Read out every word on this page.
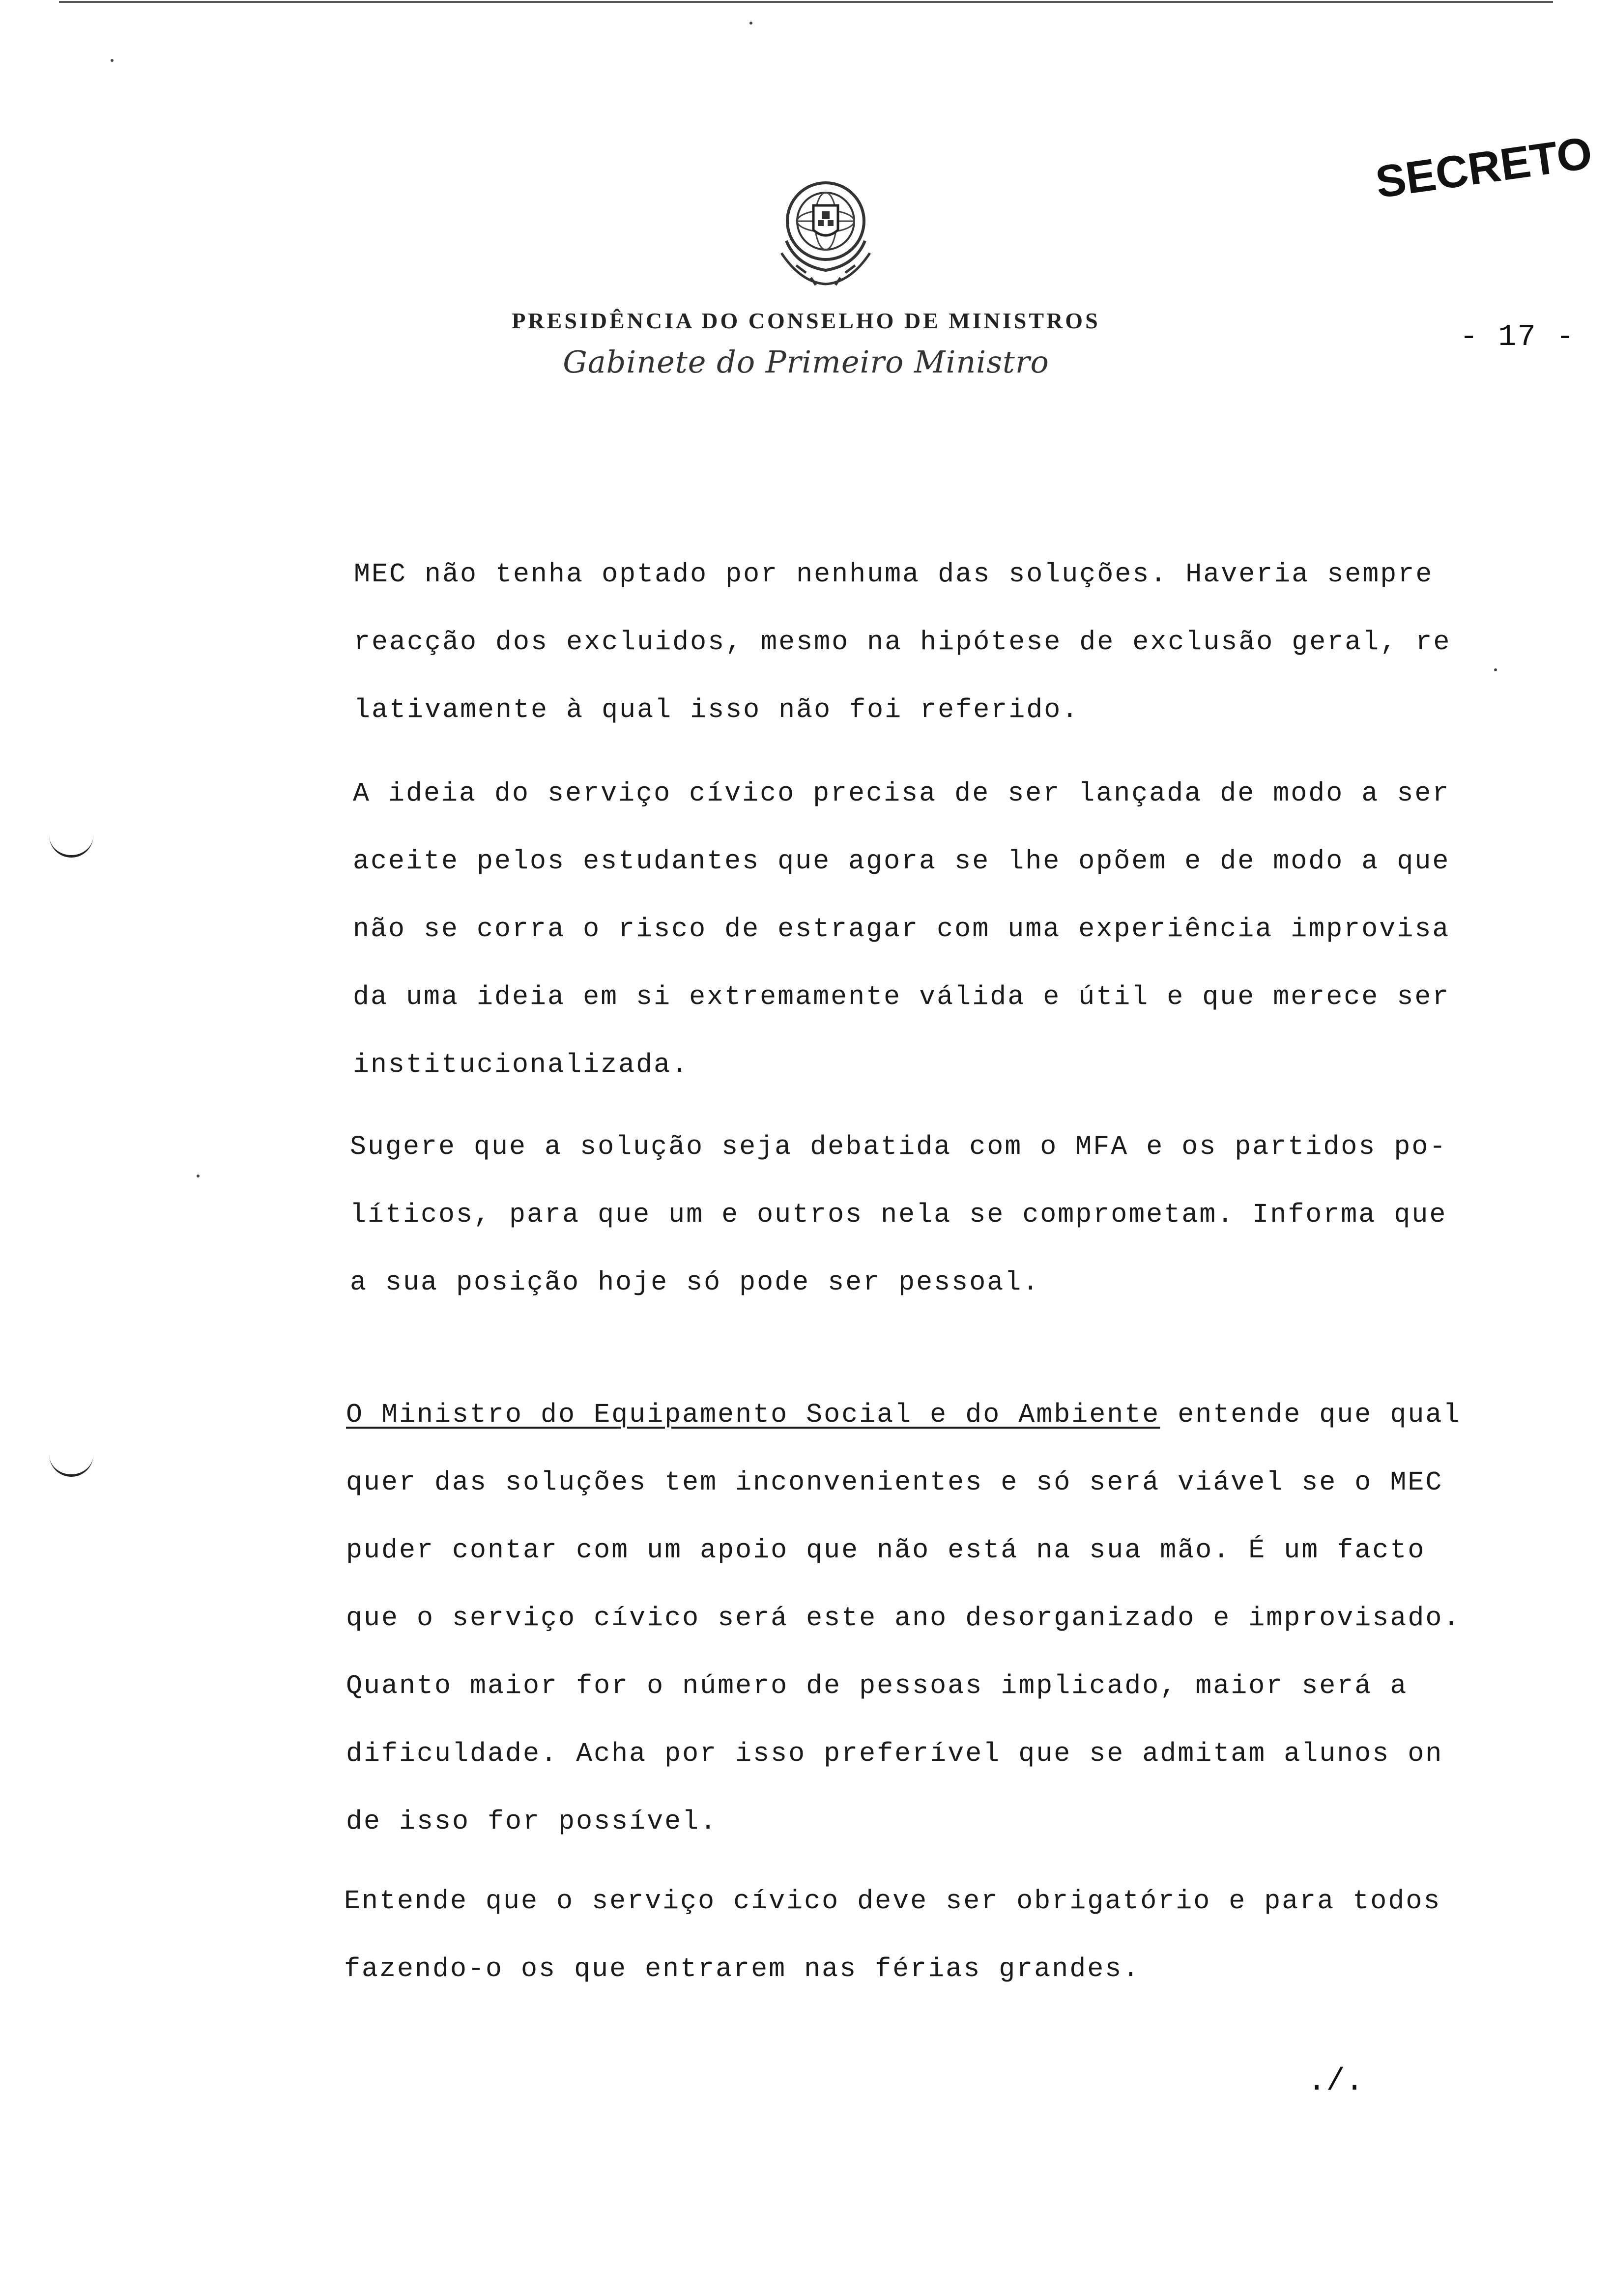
PRESIDÊNCIA DO CONSELHO DE MINISTROS
Gabinete do Primeiro Ministro
SECRETO
- 17 -
MEC não tenha optado por nenhuma das soluções. Haveria sempre
reacção dos excluidos, mesmo na hipótese de exclusão geral, re
lativamente à qual isso não foi referido.
A ideia do serviço cívico precisa de ser lançada de modo a ser
aceite pelos estudantes que agora se lhe opõem e de modo a que
não se corra o risco de estragar com uma experiência improvisa
da uma ideia em si extremamente válida e útil e que merece ser
institucionalizada.
Sugere que a solução seja debatida com o MFA e os partidos po-
líticos, para que um e outros nela se comprometam. Informa que
a sua posição hoje só pode ser pessoal.
O Ministro do Equipamento Social e do Ambiente entende que qual
quer das soluções tem inconvenientes e só será viável se o MEC
puder contar com um apoio que não está na sua mão. É um facto
que o serviço cívico será este ano desorganizado e improvisado.
Quanto maior for o número de pessoas implicado, maior será a
dificuldade. Acha por isso preferível que se admitam alunos on
de isso for possível.
Entende que o serviço cívico deve ser obrigatório e para todos
fazendo-o os que entrarem nas férias grandes.
./.
